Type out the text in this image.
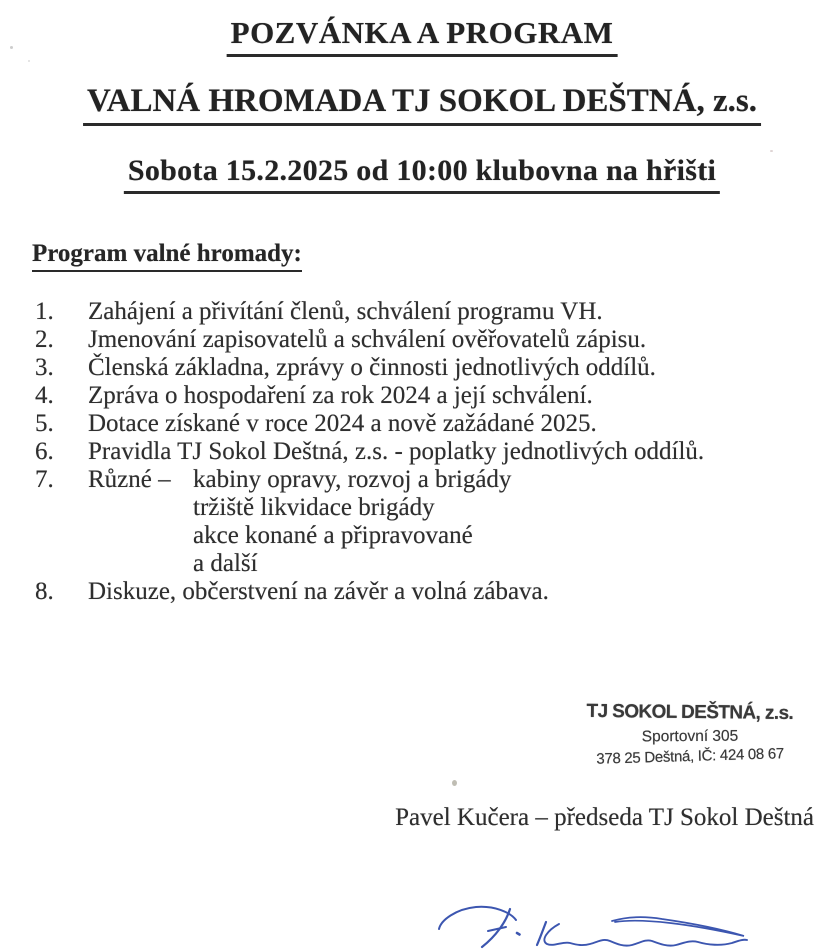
POZVÁNKA A PROGRAM
VALNÁ HROMADA TJ SOKOL DEŠTNÁ, z.s.
Sobota 15.2.2025 od 10:00 klubovna na hřišti
Program valné hromady:
1.	Zahájení a přivítání členů, schválení programu VH.
2.	Jmenování zapisovatelů a schválení ověřovatelů zápisu.
3.	Členská základna, zprávy o činnosti jednotlivých oddílů.
4.	Zpráva o hospodaření za rok 2024 a její schválení.
5.	Dotace získané v roce 2024 a nově zažádané 2025.
6.	Pravidla TJ Sokol Deštná, z.s. - poplatky jednotlivých oddílů.
7.	Různé – kabiny opravy, rozvoj a brigády
tržiště likvidace brigády
akce konané a připravované
a další
8.	Diskuze, občerstvení na závěr a volná zábava.
TJ SOKOL DEŠTNÁ, z.s.
Sportovní 305
378 25 Deštná, IČ: 424 08 67
Pavel Kučera – předseda TJ Sokol Deštná
